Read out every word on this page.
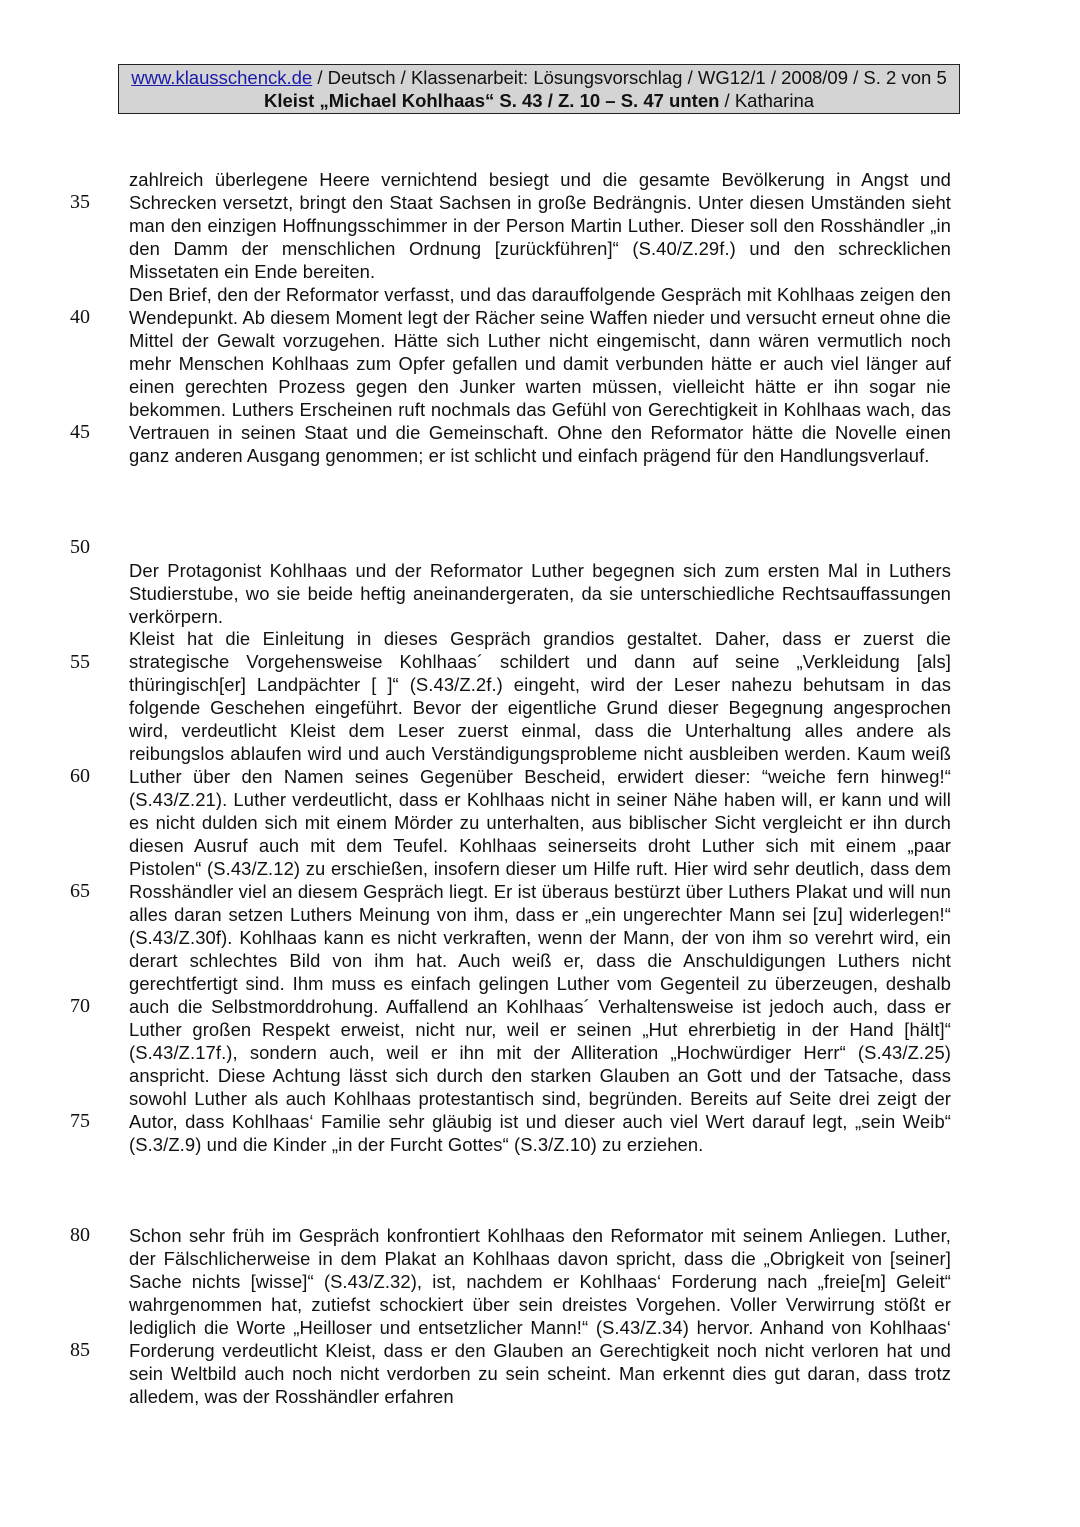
www.klausschenck.de / Deutsch / Klassenarbeit: Lösungsvorschlag / WG12/1 / 2008/09 / S. 2 von 5
Kleist „Michael Kohlhaas“ S. 43 / Z. 10 – S. 47 unten / Katharina
35
40
45
50
55
60
65
70
75
80
85

zahlreich überlegene Heere vernichtend besiegt und die gesamte Bevölkerung in Angst und Schrecken versetzt, bringt den Staat Sachsen in große Bedrängnis. Unter diesen Umständen sieht man den einzigen Hoffnungsschimmer in der Person Martin Luther. Dieser soll den Rosshändler „in den Damm der menschlichen Ordnung [zurückführen]“ (S.40/Z.29f.) und den schrecklichen Missetaten ein Ende bereiten.

Den Brief, den der Reformator verfasst, und das darauffolgende Gespräch mit Kohlhaas zeigen den Wendepunkt. Ab diesem Moment legt der Rächer seine Waffen nieder und versucht erneut ohne die Mittel der Gewalt vorzugehen. Hätte sich Luther nicht eingemischt, dann wären vermutlich noch mehr Menschen Kohlhaas zum Opfer gefallen und damit verbunden hätte er auch viel länger auf einen gerechten Prozess gegen den Junker warten müssen, vielleicht hätte er ihn sogar nie bekommen. Luthers Erscheinen ruft nochmals das Gefühl von Gerechtigkeit in Kohlhaas wach, das Vertrauen in seinen Staat und die Gemeinschaft. Ohne den Reformator hätte die Novelle einen ganz anderen Ausgang genommen; er ist schlicht und einfach prägend für den Handlungsverlauf.

Der Protagonist Kohlhaas und der Reformator Luther begegnen sich zum ersten Mal in Luthers Studierstube, wo sie beide heftig aneinandergeraten, da sie unterschiedliche Rechtsauffassungen verkörpern.

Kleist hat die Einleitung in dieses Gespräch grandios gestaltet. Daher, dass er zuerst die strategische Vorgehensweise Kohlhaas´ schildert und dann auf seine „Verkleidung [als] thüringisch[er] Landpächter [ ]“ (S.43/Z.2f.) eingeht, wird der Leser nahezu behutsam in das folgende Geschehen eingeführt. Bevor der eigentliche Grund dieser Begegnung angesprochen wird, verdeutlicht Kleist dem Leser zuerst einmal, dass die Unterhaltung alles andere als reibungslos ablaufen wird und auch Verständigungsprobleme nicht ausbleiben werden. Kaum weiß Luther über den Namen seines Gegenüber Bescheid, erwidert dieser: “weiche fern hinweg!“ (S.43/Z.21). Luther verdeutlicht, dass er Kohlhaas nicht in seiner Nähe haben will, er kann und will es nicht dulden sich mit einem Mörder zu unterhalten, aus biblischer Sicht vergleicht er ihn durch diesen Ausruf auch mit dem Teufel. Kohlhaas seinerseits droht Luther sich mit einem „paar Pistolen“ (S.43/Z.12) zu erschießen, insofern dieser um Hilfe ruft. Hier wird sehr deutlich, dass dem Rosshändler viel an diesem Gespräch liegt. Er ist überaus bestürzt über Luthers Plakat und will nun alles daran setzen Luthers Meinung von ihm, dass er „ein ungerechter Mann sei [zu] widerlegen!“ (S.43/Z.30f). Kohlhaas kann es nicht verkraften, wenn der Mann, der von ihm so verehrt wird, ein derart schlechtes Bild von ihm hat. Auch weiß er, dass die Anschuldigungen Luthers nicht gerechtfertigt sind. Ihm muss es einfach gelingen Luther vom Gegenteil zu überzeugen, deshalb auch die Selbstmorddrohung. Auffallend an Kohlhaas´ Verhaltensweise ist jedoch auch, dass er Luther großen Respekt erweist, nicht nur, weil er seinen „Hut ehrerbietig in der Hand [hält]“ (S.43/Z.17f.), sondern auch, weil er ihn mit der Alliteration „Hochwürdiger Herr“ (S.43/Z.25) anspricht. Diese Achtung lässt sich durch den starken Glauben an Gott und der Tatsache, dass sowohl Luther als auch Kohlhaas protestantisch sind, begründen. Bereits auf Seite drei zeigt der Autor, dass Kohlhaas‘ Familie sehr gläubig ist und dieser auch viel Wert darauf legt, „sein Weib“ (S.3/Z.9) und die Kinder „in der Furcht Gottes“ (S.3/Z.10) zu erziehen.

Schon sehr früh im Gespräch konfrontiert Kohlhaas den Reformator mit seinem Anliegen. Luther, der Fälschlicherweise in dem Plakat an Kohlhaas davon spricht, dass die „Obrigkeit von [seiner] Sache nichts [wisse]“ (S.43/Z.32), ist, nachdem er Kohlhaas‘ Forderung nach „freie[m] Geleit“ wahrgenommen hat, zutiefst schockiert über sein dreistes Vorgehen. Voller Verwirrung stößt er lediglich die Worte „Heilloser und entsetzlicher Mann!“ (S.43/Z.34) hervor. Anhand von Kohlhaas‘ Forderung verdeutlicht Kleist, dass er den Glauben an Gerechtigkeit noch nicht verloren hat und sein Weltbild auch noch nicht verdorben zu sein scheint. Man erkennt dies gut daran, dass trotz alledem, was der Rosshändler erfahren
